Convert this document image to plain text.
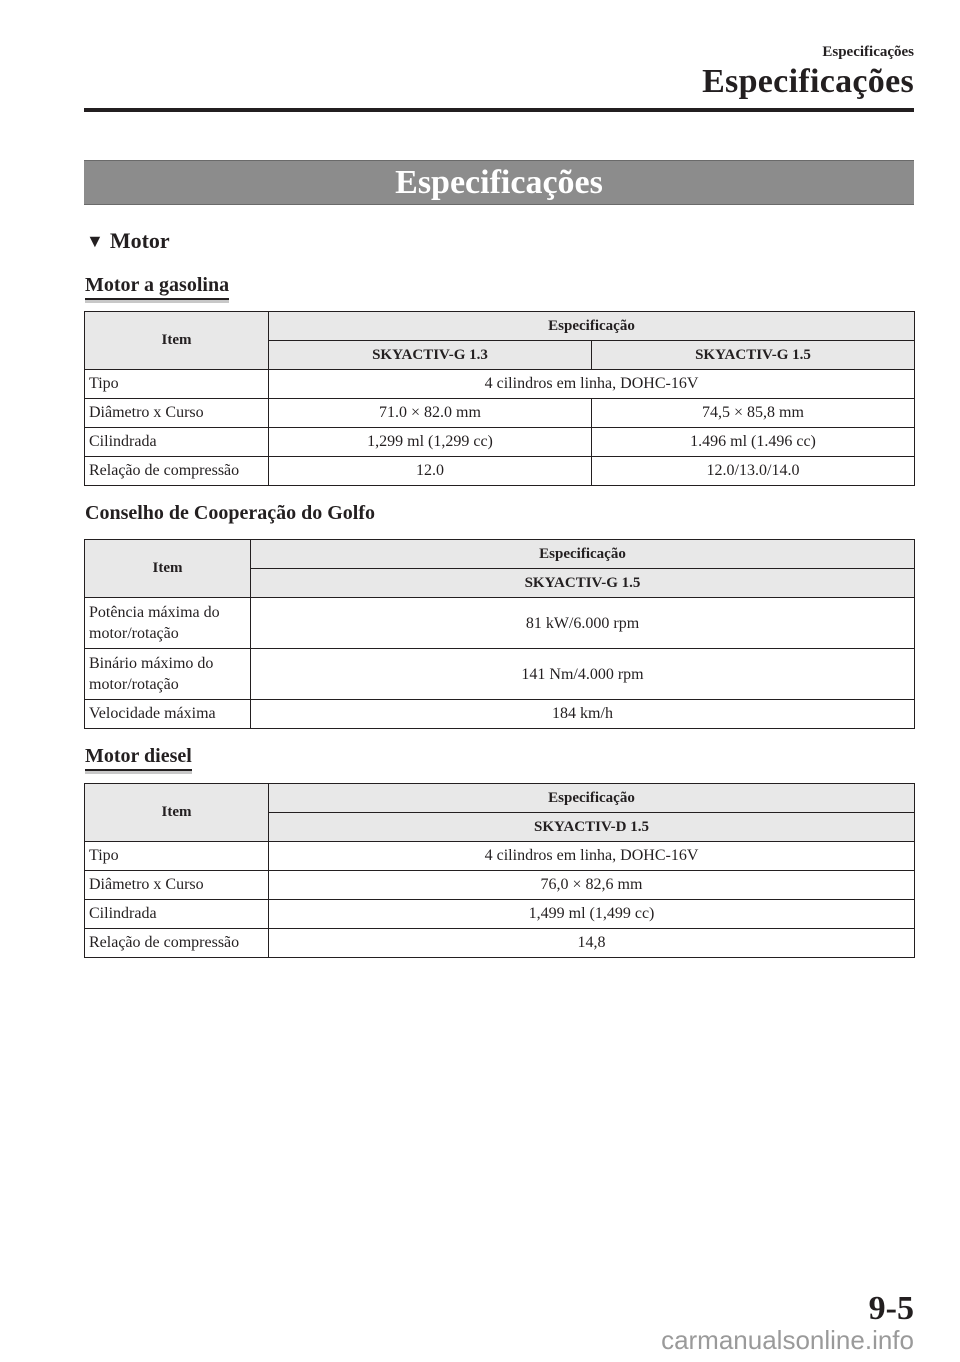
Especificações
Especificações
Especificações
▼ Motor
Motor a gasolina
Item	Especificação	
	SKYACTIV-G 1.3	SKYACTIV-G 1.5
Tipo	4 cilindros em linha, DOHC-16V	
Diâmetro x Curso	71.0 × 82.0 mm	74,5 × 85,8 mm
Cilindrada	1,299 ml (1,299 cc)	1.496 ml (1.496 cc)
Relação de compressão	12.0	12.0/13.0/14.0
Conselho de Cooperação do Golfo
Item	Especificação
	SKYACTIV-G 1.5
Potência máxima do
motor/rotação	81 kW/6.000 rpm
Binário máximo do
motor/rotação	141 Nm/4.000 rpm
Velocidade máxima	184 km/h
Motor diesel
Item	Especificação
	SKYACTIV-D 1.5
Tipo	4 cilindros em linha, DOHC-16V
Diâmetro x Curso	76,0 × 82,6 mm
Cilindrada	1,499 ml (1,499 cc)
Relação de compressão	14,8
9-5
carmanualsonline.info
